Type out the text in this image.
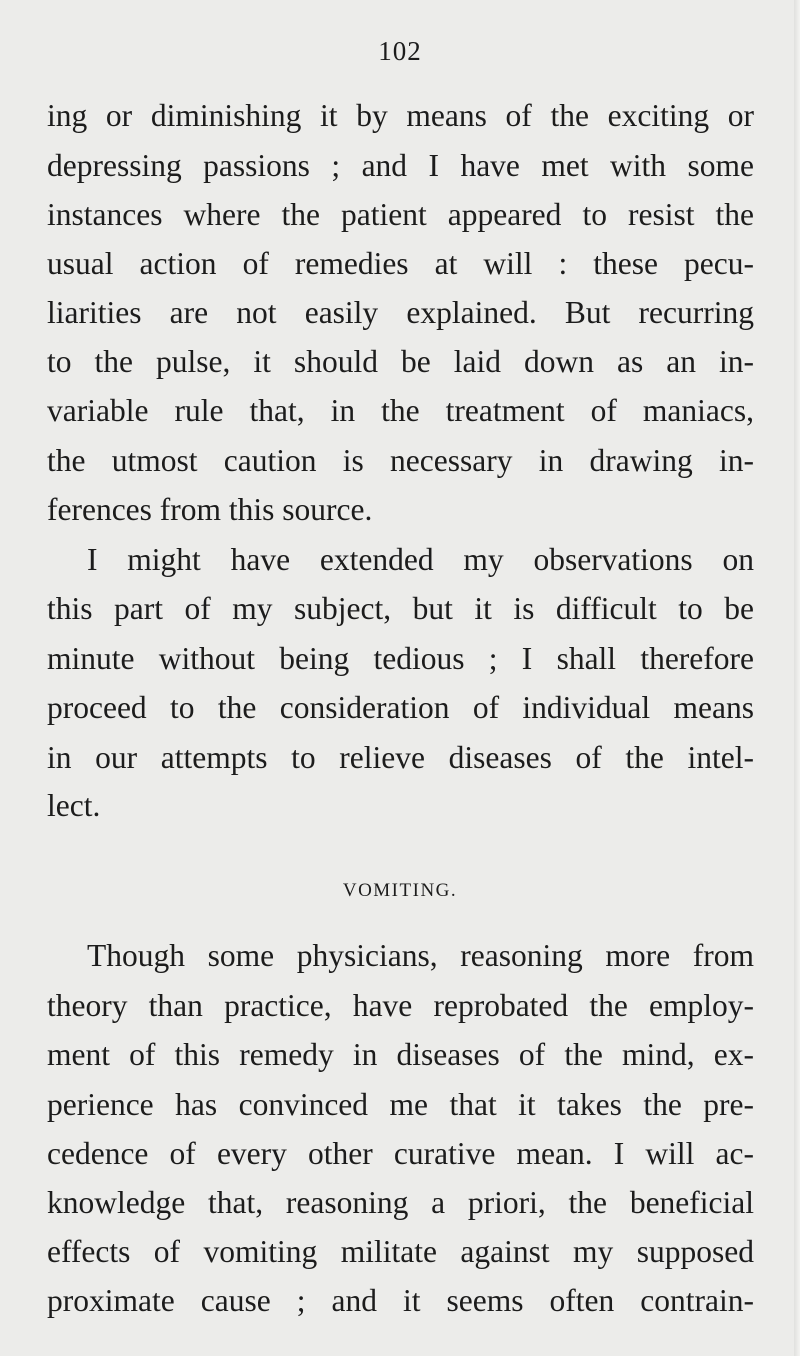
102
ing or diminishing it by means of the exciting or
depressing passions ; and I have met with some
instances where the patient appeared to resist the
usual action of remedies at will : these pecu-
liarities are not easily explained. But recurring
to the pulse, it should be laid down as an in-
variable rule that, in the treatment of maniacs,
the utmost caution is necessary in drawing in-
ferences from this source.
I might have extended my observations on
this part of my subject, but it is difficult to be
minute without being tedious ; I shall therefore
proceed to the consideration of individual means
in our attempts to relieve diseases of the intel-
lect.
VOMITING.
Though some physicians, reasoning more from
theory than practice, have reprobated the employ-
ment of this remedy in diseases of the mind, ex-
perience has convinced me that it takes the pre-
cedence of every other curative mean. I will ac-
knowledge that, reasoning a priori, the beneficial
effects of vomiting militate against my supposed
proximate cause ; and it seems often contrain-
